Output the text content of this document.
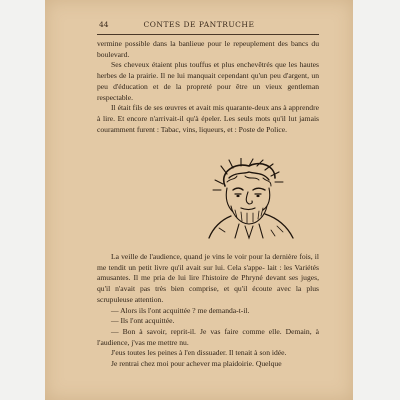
44	CONTES DE PANTRUCHE

vermine possible dans la banlieue pour le repeuplement des bancs du boulevard.

Ses cheveux étaient plus touffus et plus enchevêtrés que les hautes herbes de la prairie. Il ne lui manquait cependant qu'un peu d'argent, un peu d'éducation et de la propreté pour être un vieux gentleman respectable.

Il était fils de ses œuvres et avait mis quarante-deux ans à apprendre à lire. Et encore n'arrivait-il qu'à épeler. Les seuls mots qu'il lut jamais couramment furent : Tabac, vins, liqueurs, et : Poste de Police.

La veille de l'audience, quand je vins le voir pour la dernière fois, il me tendit un petit livre qu'il avait sur lui. Cela s'appe- lait : les Variétés amusantes. Il me pria de lui lire l'histoire de Phryné devant ses juges, qu'il n'avait pas très bien comprise, et qu'il écoute avec la plus scrupuleuse attention.

— Alors ils l'ont acquittée ? me demanda-t-il.

— Ils l'ont acquittée.

— Bon à savoir, reprit-il. Je vas faire comme elle. Demain, à l'audience, j'vas me mettre nu.

J'eus toutes les peines à l'en dissuader. Il tenait à son idée.

Je rentrai chez moi pour achever ma plaidoirie. Quelque
